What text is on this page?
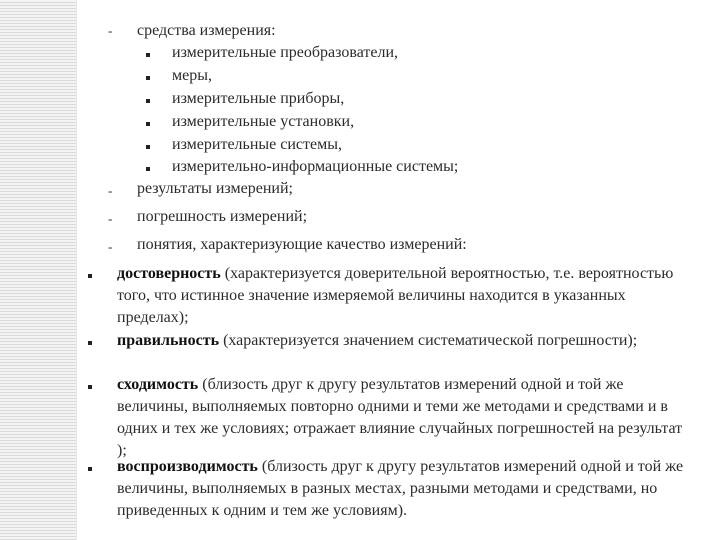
- средства измерения:
измерительные преобразователи,
меры,
измерительные приборы,
измерительные установки,
измерительные системы,
измерительно-информационные системы;
- результаты измерений;
- погрешность измерений;
- понятия, характеризующие качество измерений:
достоверность (характеризуется доверительной вероятностью, т.е. вероятностью того, что истинное значение измеряемой величины находится в указанных пределах);
правильность (характеризуется значением систематической погрешности);
сходимость (близость друг к другу результатов измерений одной и той же величины, выполняемых повторно одними и теми же методами и средствами и в одних и тех же условиях; отражает влияние случайных погрешностей на результат );
воспроизводимость (близость друг к другу результатов измерений одной и той же величины, выполняемых в разных местах, разными методами и средствами, но приведенных к одним и тем же условиям).
